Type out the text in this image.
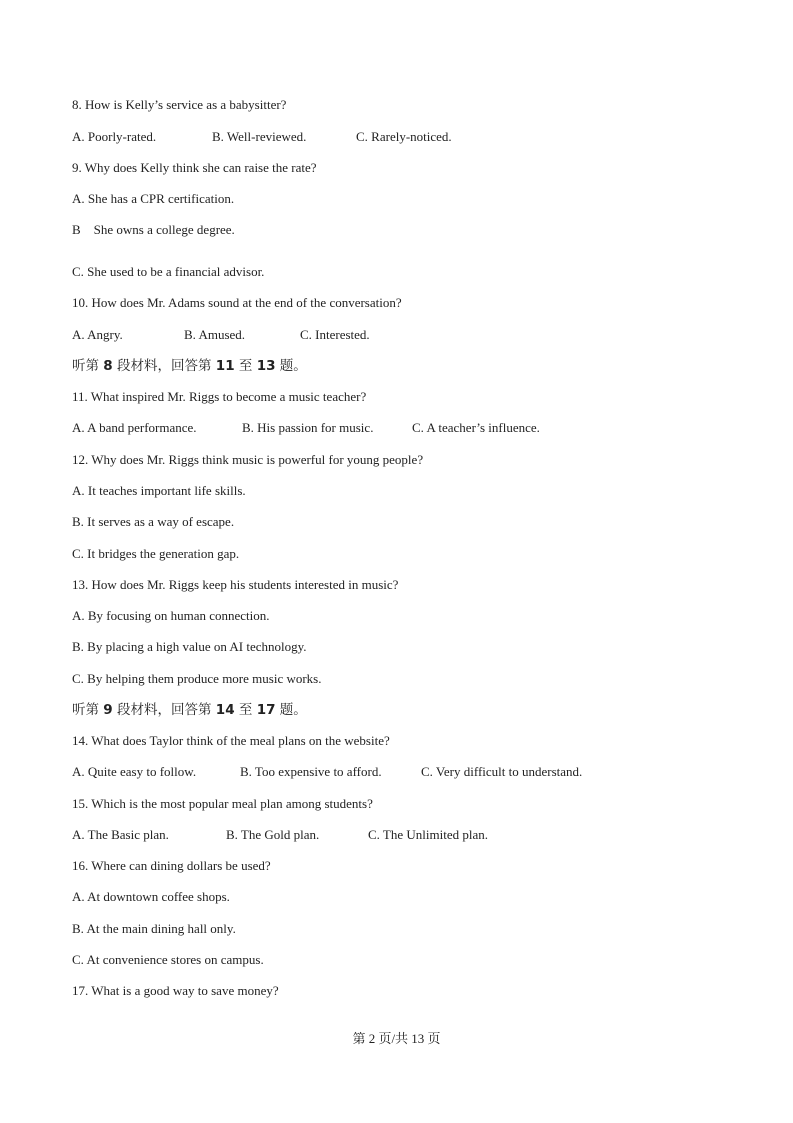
8. How is Kelly’s service as a babysitter?
A. Poorly-rated.	B. Well-reviewed.	C. Rarely-noticed.
9. Why does Kelly think she can raise the rate?
A. She has a CPR certification.
B    She owns a college degree.
C. She used to be a financial advisor.
10. How does Mr. Adams sound at the end of the conversation?
A. Angry.	B. Amused.	C. Interested.
听第 8 段材料，回答第 11 至 13 题。
11. What inspired Mr. Riggs to become a music teacher?
A. A band performance.	B. His passion for music.	C. A teacher’s influence.
12. Why does Mr. Riggs think music is powerful for young people?
A. It teaches important life skills.
B. It serves as a way of escape.
C. It bridges the generation gap.
13. How does Mr. Riggs keep his students interested in music?
A. By focusing on human connection.
B. By placing a high value on AI technology.
C. By helping them produce more music works.
听第 9 段材料，回答第 14 至 17 题。
14. What does Taylor think of the meal plans on the website?
A. Quite easy to follow.	B. Too expensive to afford.	C. Very difficult to understand.
15. Which is the most popular meal plan among students?
A. The Basic plan.	B. The Gold plan.	C. The Unlimited plan.
16. Where can dining dollars be used?
A. At downtown coffee shops.
B. At the main dining hall only.
C. At convenience stores on campus.
17. What is a good way to save money?
第 2 页/共 13 页
